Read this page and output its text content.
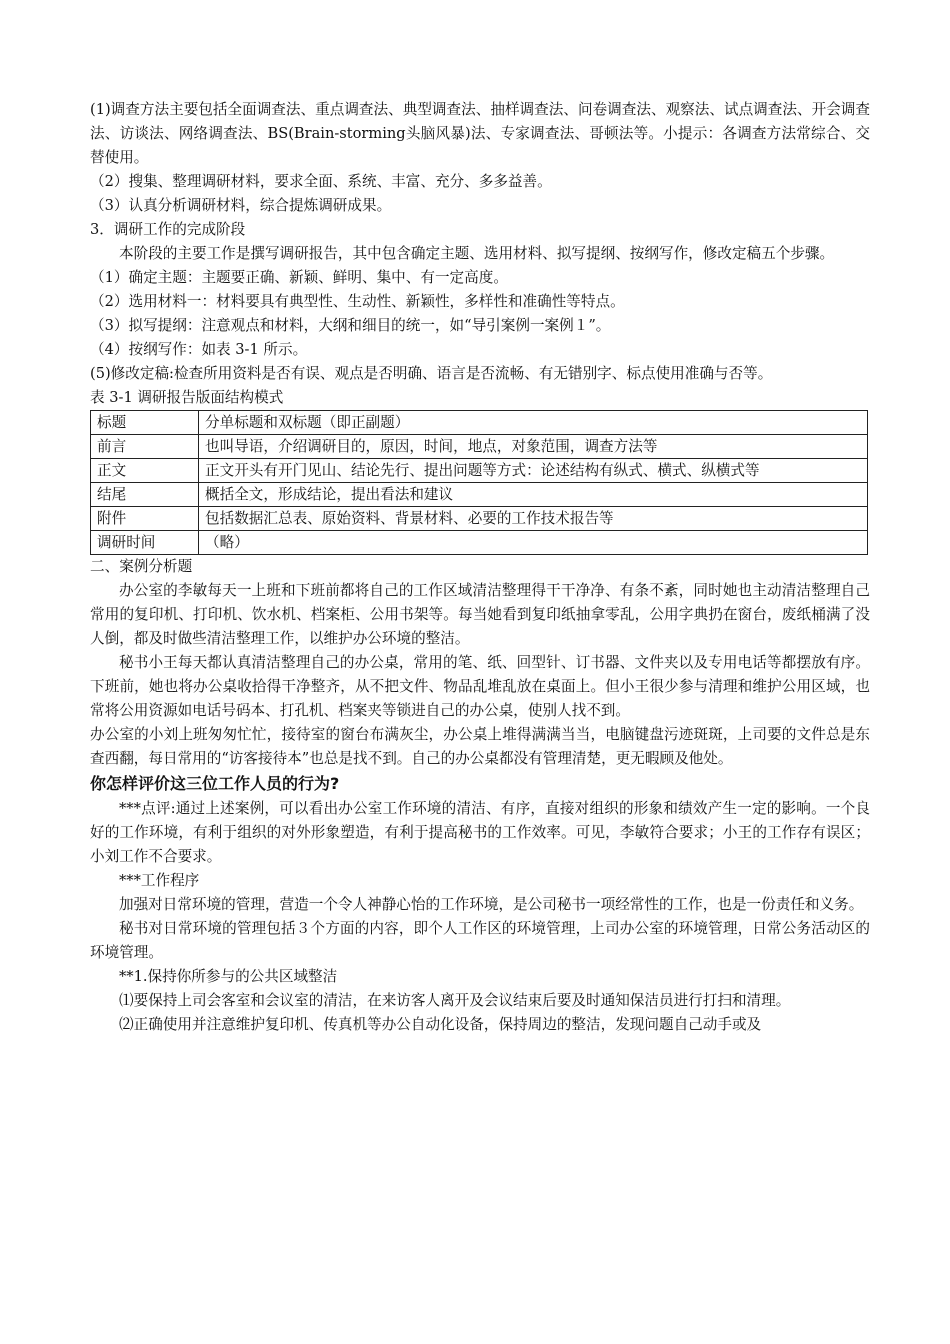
(1)调查方法主要包括全面调查法、重点调查法、典型调查法、抽样调查法、问卷调查法、观察法、试点调查法、开会调查法、访谈法、网络调查法、BS(Brain-storming头脑风暴)法、专家调查法、哥顿法等。小提示：各调查方法常综合、交替使用。

（2）搜集、整理调研材料，要求全面、系统、丰富、充分、多多益善。

（3）认真分析调研材料，综合提炼调研成果。

3．调研工作的完成阶段

本阶段的主要工作是撰写调研报告，其中包含确定主题、选用材料、拟写提纲、按纲写作，修改定稿五个步骤。

（1）确定主题：主题要正确、新颖、鲜明、集中、有一定高度。

（2）选用材料一：材料要具有典型性、生动性、新颖性，多样性和准确性等特点。

（3）拟写提纲：注意观点和材料，大纲和细目的统一，如“导引案例一案例１”。

（4）按纲写作：如表 3-1 所示。

(5)修改定稿:检查所用资料是否有误、观点是否明确、语言是否流畅、有无错别字、标点使用准确与否等。

表 3-1 调研报告版面结构模式

标题	分单标题和双标题（即正副题）
前言	也叫导语，介绍调研目的，原因，时间，地点，对象范围，调查方法等
正文	正文开头有开门见山、结论先行、提出问题等方式：论述结构有纵式、横式、纵横式等
结尾	概括全文，形成结论，提出看法和建议
附件	包括数据汇总表、原始资料、背景材料、必要的工作技术报告等
调研时间	（略）

二、案例分析题

办公室的李敏每天一上班和下班前都将自己的工作区域清洁整理得干干净净、有条不紊，同时她也主动清洁整理自己常用的复印机、打印机、饮水机、档案柜、公用书架等。每当她看到复印纸抽拿零乱，公用字典扔在窗台，废纸桶满了没人倒，都及时做些清洁整理工作，以维护办公环境的整洁。

秘书小王每天都认真清洁整理自己的办公桌，常用的笔、纸、回型针、订书器、文件夹以及专用电话等都摆放有序。下班前，她也将办公桌收拾得干净整齐，从不把文件、物品乱堆乱放在桌面上。但小王很少参与清理和维护公用区域，也常将公用资源如电话号码本、打孔机、档案夹等锁进自己的办公桌，使别人找不到。

办公室的小刘上班匆匆忙忙，接待室的窗台布满灰尘，办公桌上堆得满满当当，电脑键盘污迹斑斑，上司要的文件总是东查西翻，每日常用的“访客接待本”也总是找不到。自己的办公桌都没有管理清楚，更无暇顾及他处。

你怎样评价这三位工作人员的行为?

***点评:通过上述案例，可以看出办公室工作环境的清洁、有序，直接对组织的形象和绩效产生一定的影响。一个良好的工作环境，有利于组织的对外形象塑造，有利于提高秘书的工作效率。可见，李敏符合要求；小王的工作存有误区；小刘工作不合要求。

***工作程序

加强对日常环境的管理，营造一个令人神静心怡的工作环境，是公司秘书一项经常性的工作，也是一份责任和义务。

秘书对日常环境的管理包括３个方面的内容，即个人工作区的环境管理，上司办公室的环境管理，日常公务活动区的环境管理。

**1.保持你所参与的公共区域整洁

⑴要保持上司会客室和会议室的清洁，在来访客人离开及会议结束后要及时通知保洁员进行打扫和清理。

⑵正确使用并注意维护复印机、传真机等办公自动化设备，保持周边的整洁，发现问题自己动手或及
